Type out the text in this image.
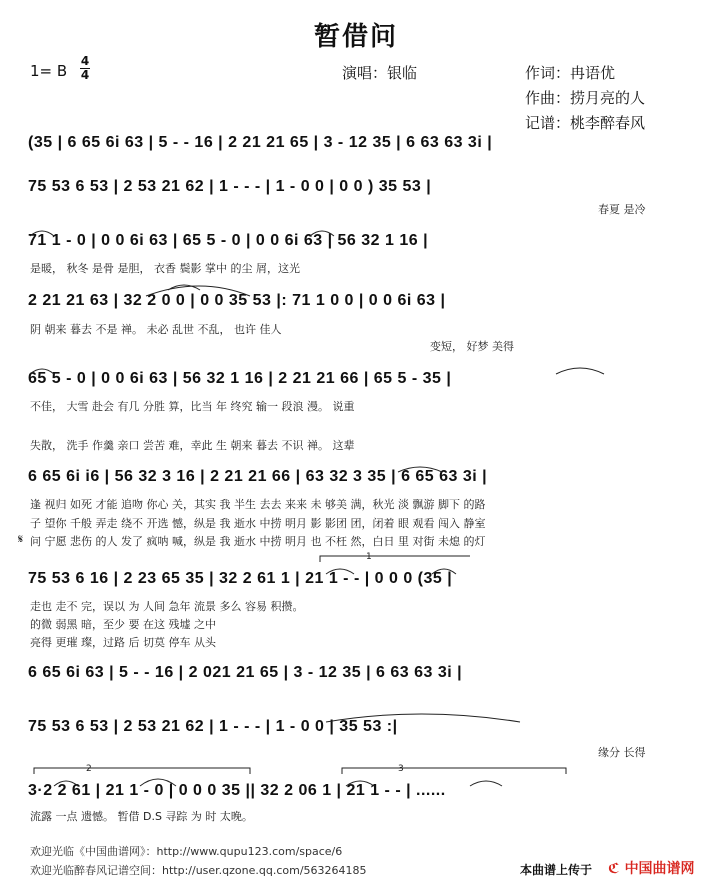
暂借问
1= B
4
4	演唱：银临	作词：冉语优
作曲：捞月亮的人
记谱：桃李醉春风
(35 | 6 65 6i 63 | 5 - - 16 | 2 21 21 65 | 3 - 12 35 | 6 63 63 3i |
75 53 6 53 | 2 53 21 62 | 1 - - - | 1 - 0 0 | 0 0 ) 35 53 |
春夏 是冷
71 1 - 0 | 0 0 6i 63 | 65 5 - 0 | 0 0 6i 63 | 56 32 1 16 |
是暖， 秋冬 是骨 是胆， 衣香 鬓影 掌中 的尘 屑，这光
2 21 21 63 | 32 2 0 0 | 0 0 35 53 |: 71 1 0 0 | 0 0 6i 63 |
阴 朝来 暮去 不是 禅。 未必 乱世 不乱， 也许 佳人
变短， 好梦 美得
65 5 - 0 | 0 0 6i 63 | 56 32 1 16 | 2 21 21 66 | 65 5 - 35 |
不佳， 大雪 赴会 有几 分胜 算，比当 年 终究 输一 段浪 漫。 说重
失散， 洗手 作羹 亲口 尝苦 难，幸此 生 朝来 暮去 不识 禅。 这辈
6 65 6i i6 | 56 32 3 16 | 2 21 21 66 | 63 32 3 35 | 6 65 63 3i |
逢 视归 如死 才能 追吻 你心 关，其实 我 半生 去去 来来 未 够美 满，秋光 淡 飘游 脚下 的路
子 望你 千般 弄走 绕不 开选 憾，纵是 我 逝水 中捞 明月 影 影团 团，闭着 眼 观看 闯入 静室
问 宁愿 悲伤 的人 发了 疯呐 喊，纵是 我 逝水 中捞 明月 也 不枉 然，白日 里 对街 未熄 的灯
75 53 6 16 | 2 23 65 35 | 32 2 61 1 | 21 1 - - | 0 0 0 (35 |
走也 走不 完，误以 为 人间 急年 流景 多么 容易 积攒。
的微 弱黑 暗，至少 要 在这 残墟 之中
亮得 更璀 璨，过路 后 切莫 停车 从头
6 65 6i 63 | 5 - - 16 | 2 021 21 65 | 3 - 12 35 | 6 63 63 3i |
75 53 6 53 | 2 53 21 62 | 1 - - - | 1 - 0 0 | 35 53 :|
缘分 长得
3·2 2 61 | 21 1 - 0 | 0 0 0 35 || 32 2 06 1 | 21 1 - - | ......
流露 一点 遗憾。 暂借 D.S 寻踪 为 时 太晚。
1
2	3
𝄋
欢迎光临《中国曲谱网》：http://www.qupu123.com/space/6
欢迎光临醉春风记谱空间：http://user.qzone.qq.com/563264185	本曲谱上传于 ℭ 中国曲谱网
